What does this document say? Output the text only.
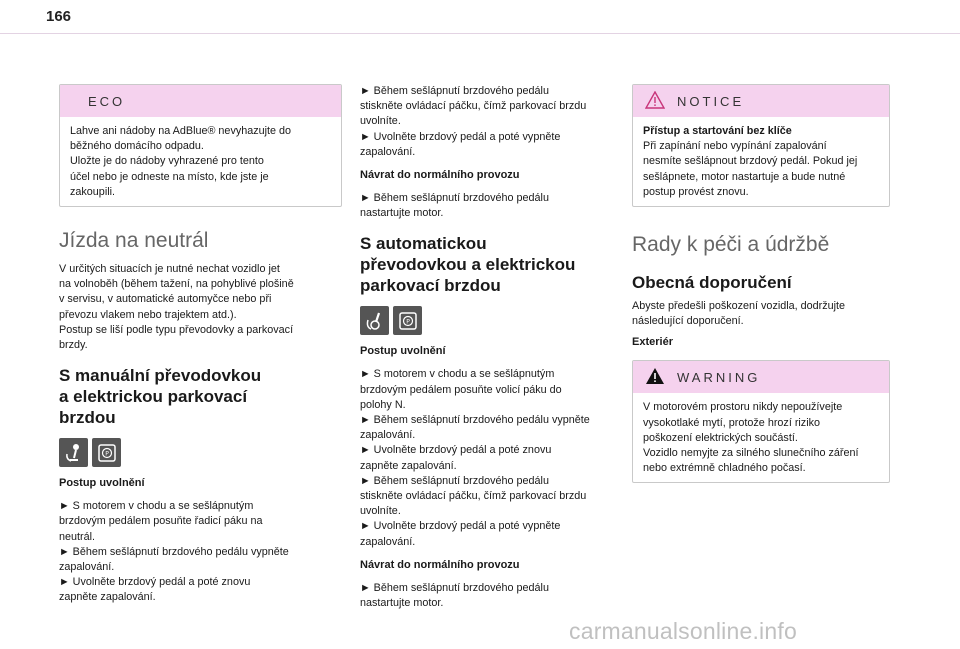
166
ECO
Lahve ani nádoby na AdBlue® nevyhazujte do
běžného domácího odpadu.
Uložte je do nádoby vyhrazené pro tento
účel nebo je odneste na místo, kde jste je
zakoupili.
Jízda na neutrál
V určitých situacích je nutné nechat vozidlo jet
na volnoběh (během tažení, na pohyblivé plošině
v servisu, v automatické automyčce nebo při
převozu vlakem nebo trajektem atd.).
Postup se liší podle typu převodovky a parkovací
brzdy.
S manuální převodovkou
a elektrickou parkovací
brzdou
P
Postup uvolnění
► S motorem v chodu a se sešlápnutým
brzdovým pedálem posuňte řadicí páku na
neutrál.
► Během sešlápnutí brzdového pedálu vypněte
zapalování.
► Uvolněte brzdový pedál a poté znovu
zapněte zapalování.
► Během sešlápnutí brzdového pedálu
stiskněte ovládací páčku, čímž parkovací brzdu
uvolníte.
► Uvolněte brzdový pedál a poté vypněte
zapalování.
Návrat do normálního provozu
► Během sešlápnutí brzdového pedálu
nastartujte motor.
S automatickou
převodovkou a elektrickou
parkovací brzdou
P
Postup uvolnění
► S motorem v chodu a se sešlápnutým
brzdovým pedálem posuňte volicí páku do
polohy N.
► Během sešlápnutí brzdového pedálu vypněte
zapalování.
► Uvolněte brzdový pedál a poté znovu
zapněte zapalování.
► Během sešlápnutí brzdového pedálu
stiskněte ovládací páčku, čímž parkovací brzdu
uvolníte.
► Uvolněte brzdový pedál a poté vypněte
zapalování.
Návrat do normálního provozu
► Během sešlápnutí brzdového pedálu
nastartujte motor.
NOTICE
Přístup a startování bez klíče
Při zapínání nebo vypínání zapalování
nesmíte sešlápnout brzdový pedál. Pokud jej
sešlápnete, motor nastartuje a bude nutné
postup provést znovu.
Rady k péči a údržbě
Obecná doporučení
Abyste předešli poškození vozidla, dodržujte
následující doporučení.
Exteriér
WARNING
V motorovém prostoru nikdy nepoužívejte
vysokotlaké mytí, protože hrozí riziko
poškození elektrických součástí.
Vozidlo nemyjte za silného slunečního záření
nebo extrémně chladného počasí.
carmanualsonline.info
